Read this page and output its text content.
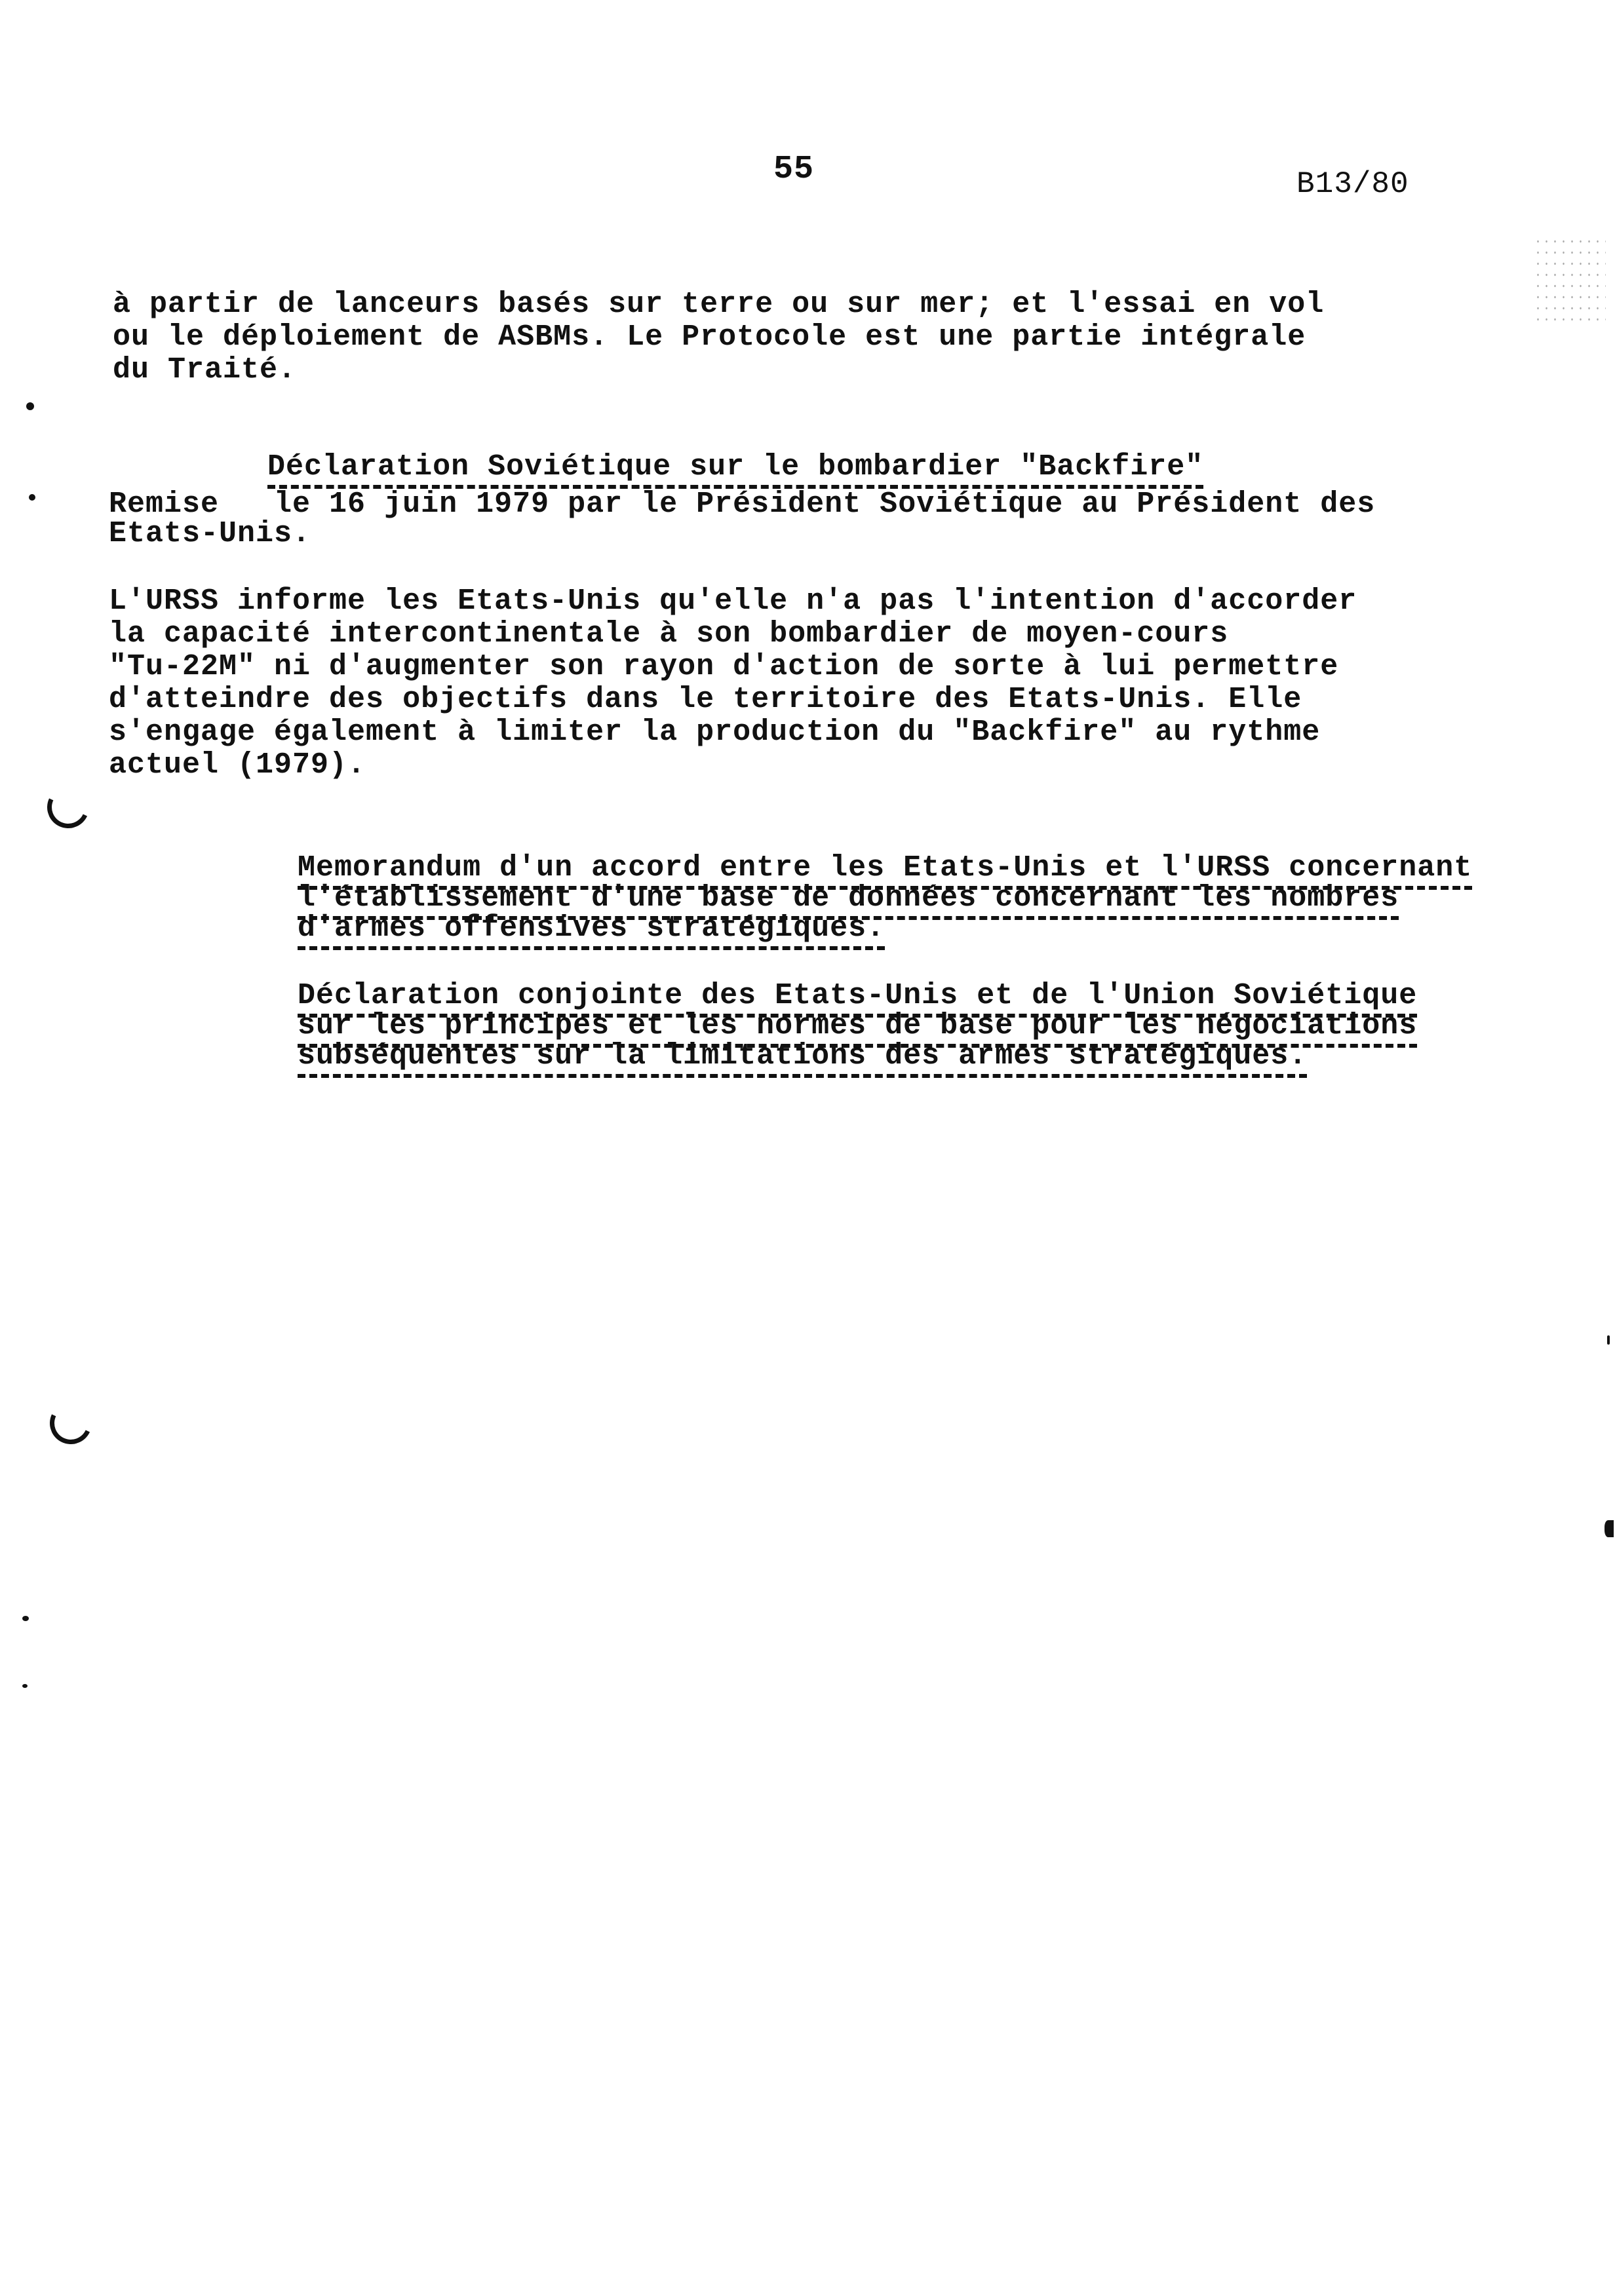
55	B13/80
à partir de lanceurs basés sur terre ou sur mer; et l'essai en vol
ou le déploiement de ASBMs. Le Protocole est une partie intégrale
du Traité.

Déclaration Soviétique sur le bombardier "Backfire"

Remise   le 16 juin 1979 par le Président Soviétique au Président des
Etats-Unis.
L'URSS informe les Etats-Unis qu'elle n'a pas l'intention d'accorder
la capacité intercontinentale à son bombardier de moyen-cours
"Tu-22M" ni d'augmenter son rayon d'action de sorte à lui permettre
d'atteindre des objectifs dans le territoire des Etats-Unis. Elle
s'engage également à limiter la production du "Backfire" au rythme
actuel (1979).

Memorandum d'un accord entre les Etats-Unis et l'URSS concernant

l'établissement d'une base de données concernant les nombres

d'armes offensives stratégiques.

Déclaration conjointe des Etats-Unis et de l'Union Soviétique

sur les principes et les normes de base pour les négociations

subséquentes sur la limitations des armes stratégiques.
